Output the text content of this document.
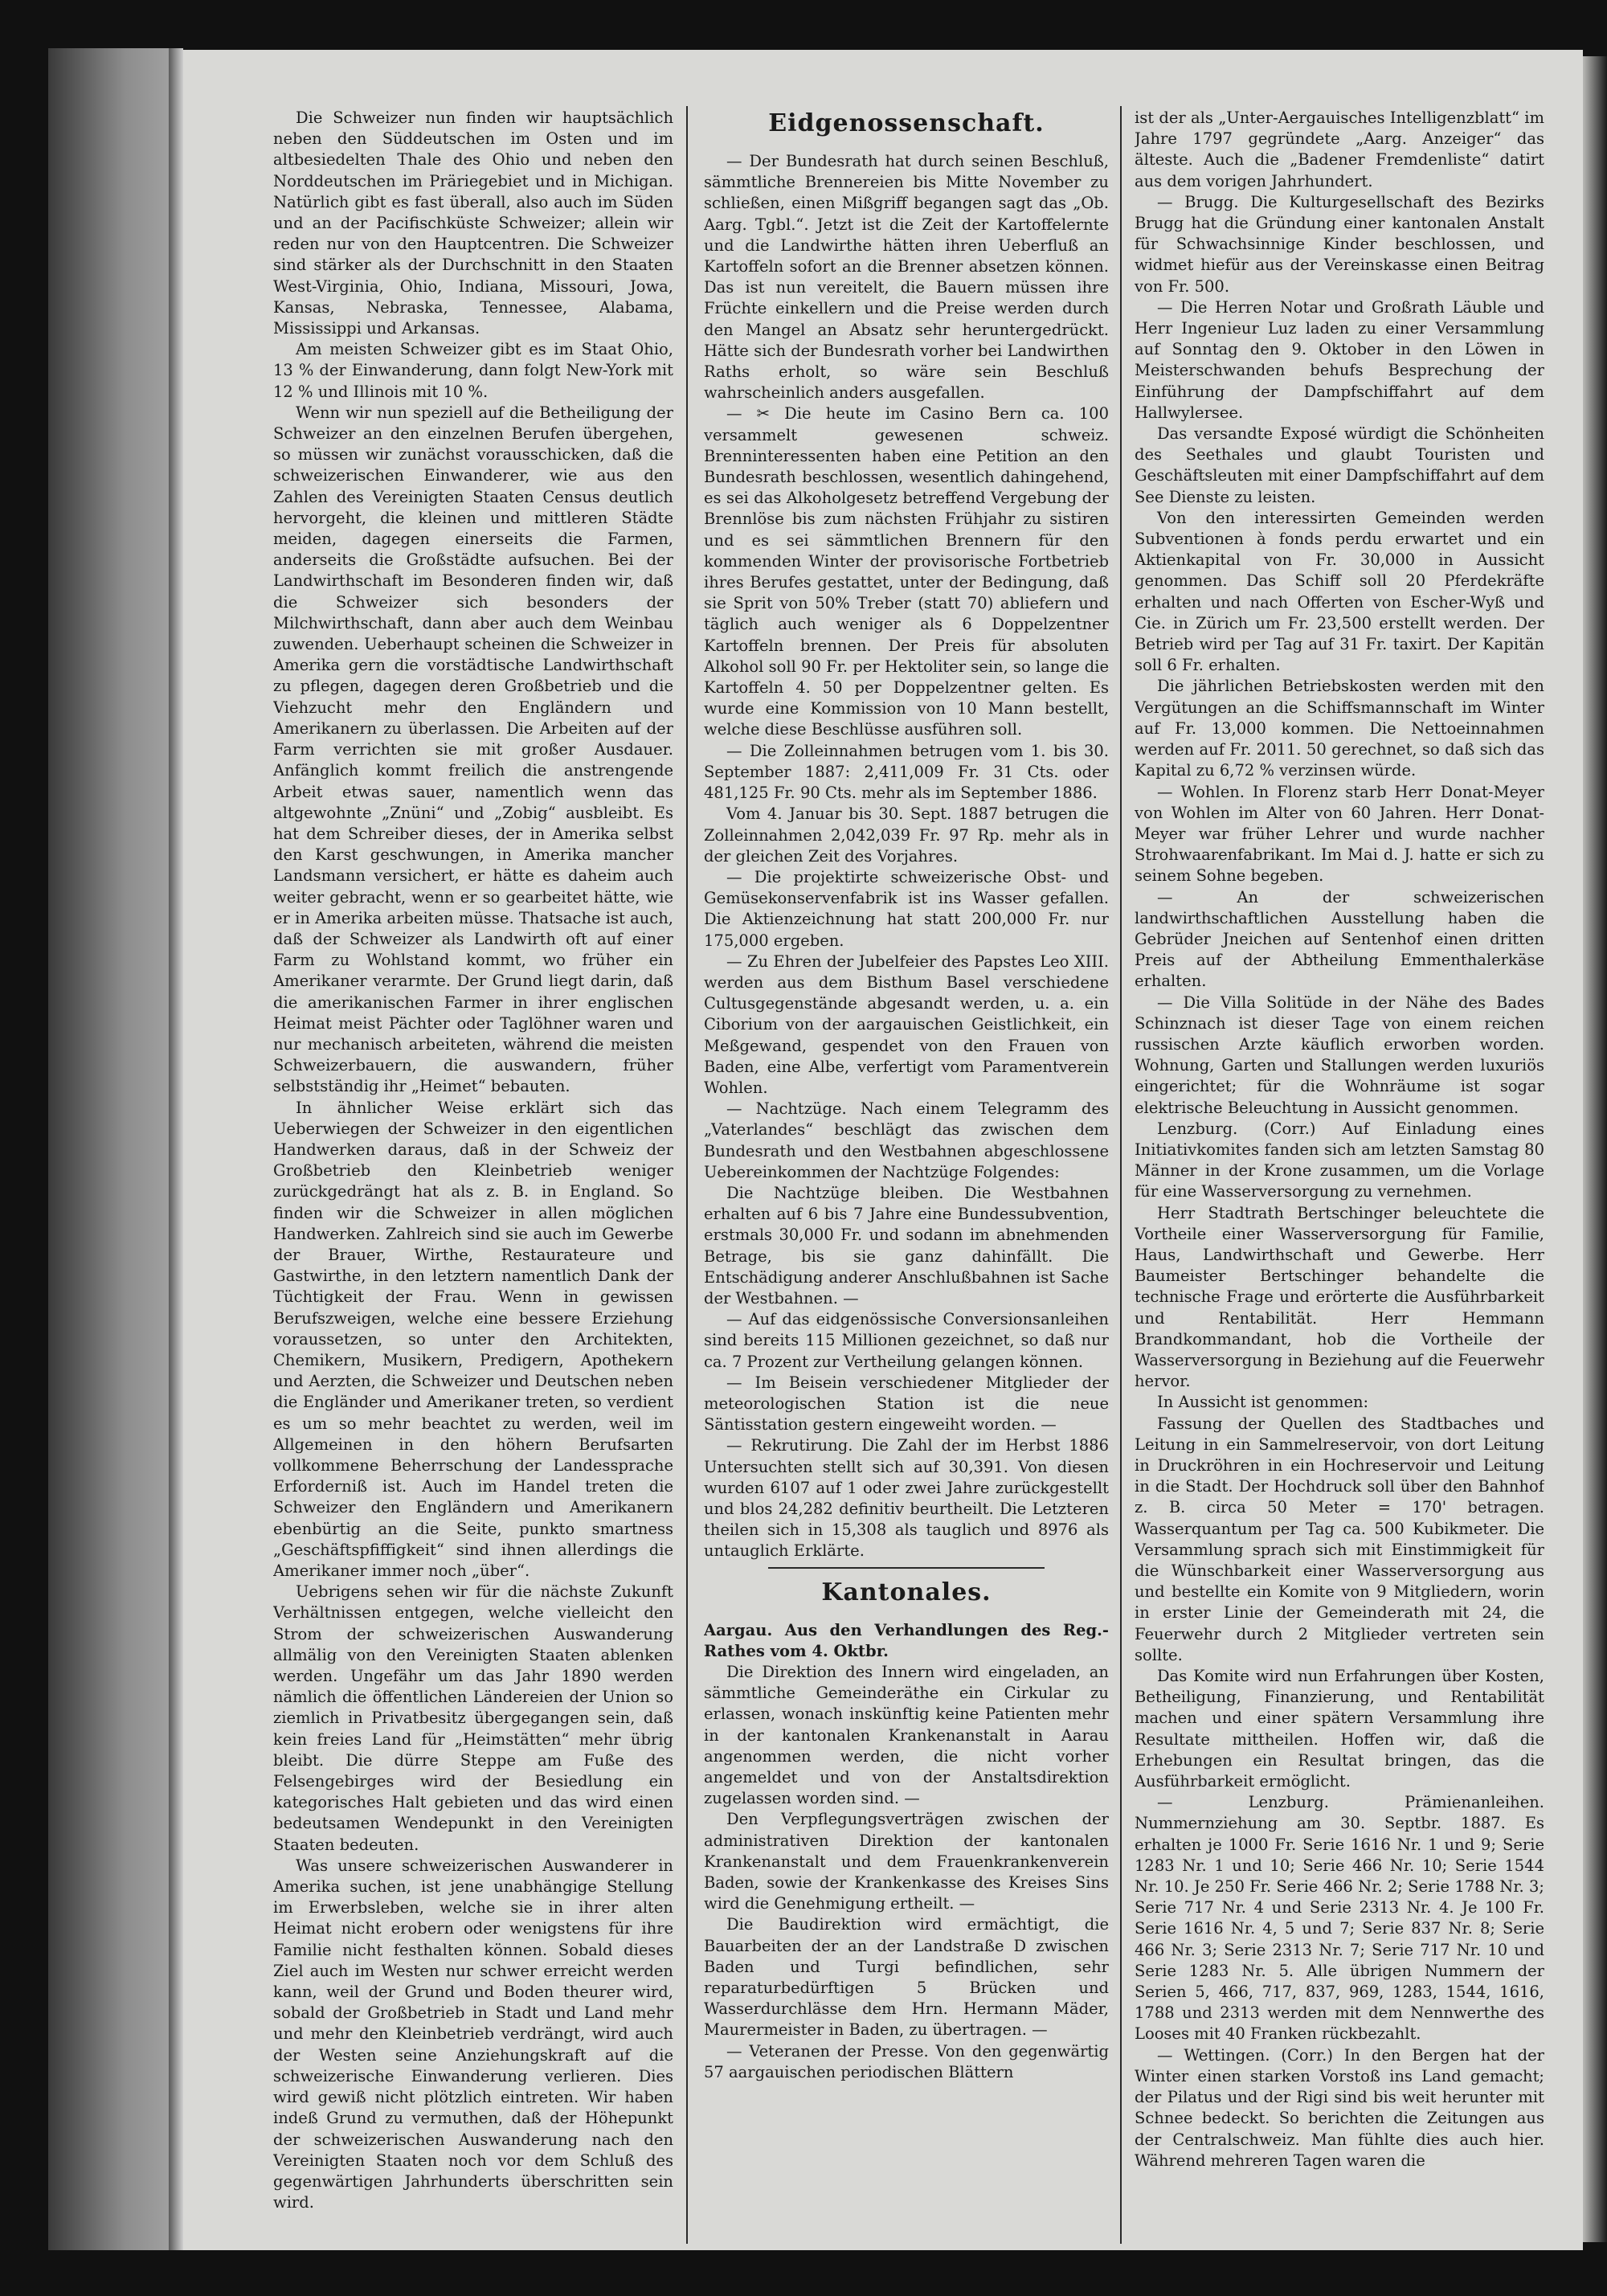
Die Schweizer nun finden wir hauptsächlich neben den Süddeutschen im Osten und im altbesiedelten Thale des Ohio und neben den Norddeutschen im Präriegebiet und in Michigan. Natürlich gibt es fast überall, also auch im Süden und an der Pacifischküste Schweizer; allein wir reden nur von den Hauptcentren. Die Schweizer sind stärker als der Durchschnitt in den Staaten West-Virginia, Ohio, Indiana, Missouri, Jowa, Kansas, Nebraska, Tennessee, Alabama, Mississippi und Arkansas.

Am meisten Schweizer gibt es im Staat Ohio, 13 % der Einwanderung, dann folgt New-York mit 12 % und Illinois mit 10 %.

Wenn wir nun speziell auf die Betheiligung der Schweizer an den einzelnen Berufen übergehen, so müssen wir zunächst vorausschicken, daß die schweizerischen Einwanderer, wie aus den Zahlen des Vereinigten Staaten Census deutlich hervorgeht, die kleinen und mittleren Städte meiden, dagegen einerseits die Farmen, anderseits die Großstädte aufsuchen. Bei der Landwirthschaft im Besonderen finden wir, daß die Schweizer sich besonders der Milchwirthschaft, dann aber auch dem Weinbau zuwenden. Ueberhaupt scheinen die Schweizer in Amerika gern die vorstädtische Landwirthschaft zu pflegen, dagegen deren Großbetrieb und die Viehzucht mehr den Engländern und Amerikanern zu überlassen. Die Arbeiten auf der Farm verrichten sie mit großer Ausdauer. Anfänglich kommt freilich die anstrengende Arbeit etwas sauer, namentlich wenn das altgewohnte „Znüni“ und „Zobig“ ausbleibt. Es hat dem Schreiber dieses, der in Amerika selbst den Karst geschwungen, in Amerika mancher Landsmann versichert, er hätte es daheim auch weiter gebracht, wenn er so gearbeitet hätte, wie er in Amerika arbeiten müsse. Thatsache ist auch, daß der Schweizer als Landwirth oft auf einer Farm zu Wohlstand kommt, wo früher ein Amerikaner verarmte. Der Grund liegt darin, daß die amerikanischen Farmer in ihrer englischen Heimat meist Pächter oder Taglöhner waren und nur mechanisch arbeiteten, während die meisten Schweizerbauern, die auswandern, früher selbstständig ihr „Heimet“ bebauten.

In ähnlicher Weise erklärt sich das Ueberwiegen der Schweizer in den eigentlichen Handwerken daraus, daß in der Schweiz der Großbetrieb den Kleinbetrieb weniger zurückgedrängt hat als z. B. in England. So finden wir die Schweizer in allen möglichen Handwerken. Zahlreich sind sie auch im Gewerbe der Brauer, Wirthe, Restaurateure und Gastwirthe, in den letztern namentlich Dank der Tüchtigkeit der Frau. Wenn in gewissen Berufszweigen, welche eine bessere Erziehung voraussetzen, so unter den Architekten, Chemikern, Musikern, Predigern, Apothekern und Aerzten, die Schweizer und Deutschen neben die Engländer und Amerikaner treten, so verdient es um so mehr beachtet zu werden, weil im Allgemeinen in den höhern Berufsarten vollkommene Beherrschung der Landessprache Erforderniß ist. Auch im Handel treten die Schweizer den Engländern und Amerikanern ebenbürtig an die Seite, punkto smartness „Geschäftspfiffigkeit“ sind ihnen allerdings die Amerikaner immer noch „über“.

Uebrigens sehen wir für die nächste Zukunft Verhältnissen entgegen, welche vielleicht den Strom der schweizerischen Auswanderung allmälig von den Vereinigten Staaten ablenken werden. Ungefähr um das Jahr 1890 werden nämlich die öffentlichen Ländereien der Union so ziemlich in Privatbesitz übergegangen sein, daß kein freies Land für „Heimstätten“ mehr übrig bleibt. Die dürre Steppe am Fuße des Felsengebirges wird der Besiedlung ein kategorisches Halt gebieten und das wird einen bedeutsamen Wendepunkt in den Vereinigten Staaten bedeuten.

Was unsere schweizerischen Auswanderer in Amerika suchen, ist jene unabhängige Stellung im Erwerbsleben, welche sie in ihrer alten Heimat nicht erobern oder wenigstens für ihre Familie nicht festhalten können. Sobald dieses Ziel auch im Westen nur schwer erreicht werden kann, weil der Grund und Boden theurer wird, sobald der Großbetrieb in Stadt und Land mehr und mehr den Kleinbetrieb verdrängt, wird auch der Westen seine Anziehungskraft auf die schweizerische Einwanderung verlieren. Dies wird gewiß nicht plötzlich eintreten. Wir haben indeß Grund zu vermuthen, daß der Höhepunkt der schweizerischen Auswanderung nach den Vereinigten Staaten noch vor dem Schluß des gegenwärtigen Jahrhunderts überschritten sein wird.

Eidgenossenschaft.

— Der Bundesrath hat durch seinen Beschluß, sämmtliche Brennereien bis Mitte November zu schließen, einen Mißgriff begangen sagt das „Ob. Aarg. Tgbl.“. Jetzt ist die Zeit der Kartoffelernte und die Landwirthe hätten ihren Ueberfluß an Kartoffeln sofort an die Brenner absetzen können. Das ist nun vereitelt, die Bauern müssen ihre Früchte einkellern und die Preise werden durch den Mangel an Absatz sehr heruntergedrückt. Hätte sich der Bundesrath vorher bei Landwirthen Raths erholt, so wäre sein Beschluß wahrscheinlich anders ausgefallen.

— ✂ Die heute im Casino Bern ca. 100 versammelt gewesenen schweiz. Brenninteressenten haben eine Petition an den Bundesrath beschlossen, wesentlich dahingehend, es sei das Alkoholgesetz betreffend Vergebung der Brennlöse bis zum nächsten Frühjahr zu sistiren und es sei sämmtlichen Brennern für den kommenden Winter der provisorische Fortbetrieb ihres Berufes gestattet, unter der Bedingung, daß sie Sprit von 50% Treber (statt 70) abliefern und täglich auch weniger als 6 Doppelzentner Kartoffeln brennen. Der Preis für absoluten Alkohol soll 90 Fr. per Hektoliter sein, so lange die Kartoffeln 4. 50 per Doppelzentner gelten. Es wurde eine Kommission von 10 Mann bestellt, welche diese Beschlüsse ausführen soll.

— Die Zolleinnahmen betrugen vom 1. bis 30. September 1887: 2,411,009 Fr. 31 Cts. oder 481,125 Fr. 90 Cts. mehr als im September 1886.

Vom 4. Januar bis 30. Sept. 1887 betrugen die Zolleinnahmen 2,042,039 Fr. 97 Rp. mehr als in der gleichen Zeit des Vorjahres.

— Die projektirte schweizerische Obst- und Gemüsekonservenfabrik ist ins Wasser gefallen. Die Aktienzeichnung hat statt 200,000 Fr. nur 175,000 ergeben.

— Zu Ehren der Jubelfeier des Papstes Leo XIII. werden aus dem Bisthum Basel verschiedene Cultusgegenstände abgesandt werden, u. a. ein Ciborium von der aargauischen Geistlichkeit, ein Meßgewand, gespendet von den Frauen von Baden, eine Albe, verfertigt vom Paramentverein Wohlen.

— Nachtzüge. Nach einem Telegramm des „Vaterlandes“ beschlägt das zwischen dem Bundesrath und den Westbahnen abgeschlossene Uebereinkommen der Nachtzüge Folgendes:

Die Nachtzüge bleiben. Die Westbahnen erhalten auf 6 bis 7 Jahre eine Bundessubvention, erstmals 30,000 Fr. und sodann im abnehmenden Betrage, bis sie ganz dahinfällt. Die Entschädigung anderer Anschlußbahnen ist Sache der Westbahnen. —

— Auf das eidgenössische Conversionsanleihen sind bereits 115 Millionen gezeichnet, so daß nur ca. 7 Prozent zur Vertheilung gelangen können.

— Im Beisein verschiedener Mitglieder der meteorologischen Station ist die neue Säntisstation gestern eingeweiht worden. —

— Rekrutirung. Die Zahl der im Herbst 1886 Untersuchten stellt sich auf 30,391. Von diesen wurden 6107 auf 1 oder zwei Jahre zurückgestellt und blos 24,282 definitiv beurtheilt. Die Letzteren theilen sich in 15,308 als tauglich und 8976 als untauglich Erklärte.

Kantonales.

Aargau. Aus den Verhandlungen des Reg.-Rathes vom 4. Oktbr.

Die Direktion des Innern wird eingeladen, an sämmtliche Gemeinderäthe ein Cirkular zu erlassen, wonach inskünftig keine Patienten mehr in der kantonalen Krankenanstalt in Aarau angenommen werden, die nicht vorher angemeldet und von der Anstaltsdirektion zugelassen worden sind. —

Den Verpflegungsverträgen zwischen der administrativen Direktion der kantonalen Krankenanstalt und dem Frauenkrankenverein Baden, sowie der Krankenkasse des Kreises Sins wird die Genehmigung ertheilt. —

Die Baudirektion wird ermächtigt, die Bauarbeiten der an der Landstraße D zwischen Baden und Turgi befindlichen, sehr reparaturbedürftigen 5 Brücken und Wasserdurchlässe dem Hrn. Hermann Mäder, Maurermeister in Baden, zu übertragen. —

— Veteranen der Presse. Von den gegenwärtig 57 aargauischen periodischen Blättern

ist der als „Unter-Aergauisches Intelligenzblatt“ im Jahre 1797 gegründete „Aarg. Anzeiger“ das älteste. Auch die „Badener Fremdenliste“ datirt aus dem vorigen Jahrhundert.

— Brugg. Die Kulturgesellschaft des Bezirks Brugg hat die Gründung einer kantonalen Anstalt für Schwachsinnige Kinder beschlossen, und widmet hiefür aus der Vereinskasse einen Beitrag von Fr. 500.

— Die Herren Notar und Großrath Läuble und Herr Ingenieur Luz laden zu einer Versammlung auf Sonntag den 9. Oktober in den Löwen in Meisterschwanden behufs Besprechung der Einführung der Dampfschiffahrt auf dem Hallwylersee.

Das versandte Exposé würdigt die Schönheiten des Seethales und glaubt Touristen und Geschäftsleuten mit einer Dampfschiffahrt auf dem See Dienste zu leisten.

Von den interessirten Gemeinden werden Subventionen à fonds perdu erwartet und ein Aktienkapital von Fr. 30,000 in Aussicht genommen. Das Schiff soll 20 Pferdekräfte erhalten und nach Offerten von Escher-Wyß und Cie. in Zürich um Fr. 23,500 erstellt werden. Der Betrieb wird per Tag auf 31 Fr. taxirt. Der Kapitän soll 6 Fr. erhalten.

Die jährlichen Betriebskosten werden mit den Vergütungen an die Schiffsmannschaft im Winter auf Fr. 13,000 kommen. Die Nettoeinnahmen werden auf Fr. 2011. 50 gerechnet, so daß sich das Kapital zu 6,72 % verzinsen würde.

— Wohlen. In Florenz starb Herr Donat-Meyer von Wohlen im Alter von 60 Jahren. Herr Donat-Meyer war früher Lehrer und wurde nachher Strohwaarenfabrikant. Im Mai d. J. hatte er sich zu seinem Sohne begeben.

— An der schweizerischen landwirthschaftlichen Ausstellung haben die Gebrüder Jneichen auf Sentenhof einen dritten Preis auf der Abtheilung Emmenthalerkäse erhalten.

— Die Villa Solitüde in der Nähe des Bades Schinznach ist dieser Tage von einem reichen russischen Arzte käuflich erworben worden. Wohnung, Garten und Stallungen werden luxuriös eingerichtet; für die Wohnräume ist sogar elektrische Beleuchtung in Aussicht genommen.

Lenzburg. (Corr.) Auf Einladung eines Initiativkomites fanden sich am letzten Samstag 80 Männer in der Krone zusammen, um die Vorlage für eine Wasserversorgung zu vernehmen.

Herr Stadtrath Bertschinger beleuchtete die Vortheile einer Wasserversorgung für Familie, Haus, Landwirthschaft und Gewerbe. Herr Baumeister Bertschinger behandelte die technische Frage und erörterte die Ausführbarkeit und Rentabilität. Herr Hemmann Brandkommandant, hob die Vortheile der Wasserversorgung in Beziehung auf die Feuerwehr hervor.

In Aussicht ist genommen:

Fassung der Quellen des Stadtbaches und Leitung in ein Sammelreservoir, von dort Leitung in Druckröhren in ein Hochreservoir und Leitung in die Stadt. Der Hochdruck soll über den Bahnhof z. B. circa 50 Meter = 170' betragen. Wasserquantum per Tag ca. 500 Kubikmeter. Die Versammlung sprach sich mit Einstimmigkeit für die Wünschbarkeit einer Wasserversorgung aus und bestellte ein Komite von 9 Mitgliedern, worin in erster Linie der Gemeinderath mit 24, die Feuerwehr durch 2 Mitglieder vertreten sein sollte.

Das Komite wird nun Erfahrungen über Kosten, Betheiligung, Finanzierung, und Rentabilität machen und einer spätern Versammlung ihre Resultate mittheilen. Hoffen wir, daß die Erhebungen ein Resultat bringen, das die Ausführbarkeit ermöglicht.

— Lenzburg. Prämienanleihen. Nummernziehung am 30. Septbr. 1887. Es erhalten je 1000 Fr. Serie 1616 Nr. 1 und 9; Serie 1283 Nr. 1 und 10; Serie 466 Nr. 10; Serie 1544 Nr. 10. Je 250 Fr. Serie 466 Nr. 2; Serie 1788 Nr. 3; Serie 717 Nr. 4 und Serie 2313 Nr. 4. Je 100 Fr. Serie 1616 Nr. 4, 5 und 7; Serie 837 Nr. 8; Serie 466 Nr. 3; Serie 2313 Nr. 7; Serie 717 Nr. 10 und Serie 1283 Nr. 5. Alle übrigen Nummern der Serien 5, 466, 717, 837, 969, 1283, 1544, 1616, 1788 und 2313 werden mit dem Nennwerthe des Looses mit 40 Franken rückbezahlt.

— Wettingen. (Corr.) In den Bergen hat der Winter einen starken Vorstoß ins Land gemacht; der Pilatus und der Rigi sind bis weit herunter mit Schnee bedeckt. So berichten die Zeitungen aus der Centralschweiz. Man fühlte dies auch hier. Während mehreren Tagen waren die
